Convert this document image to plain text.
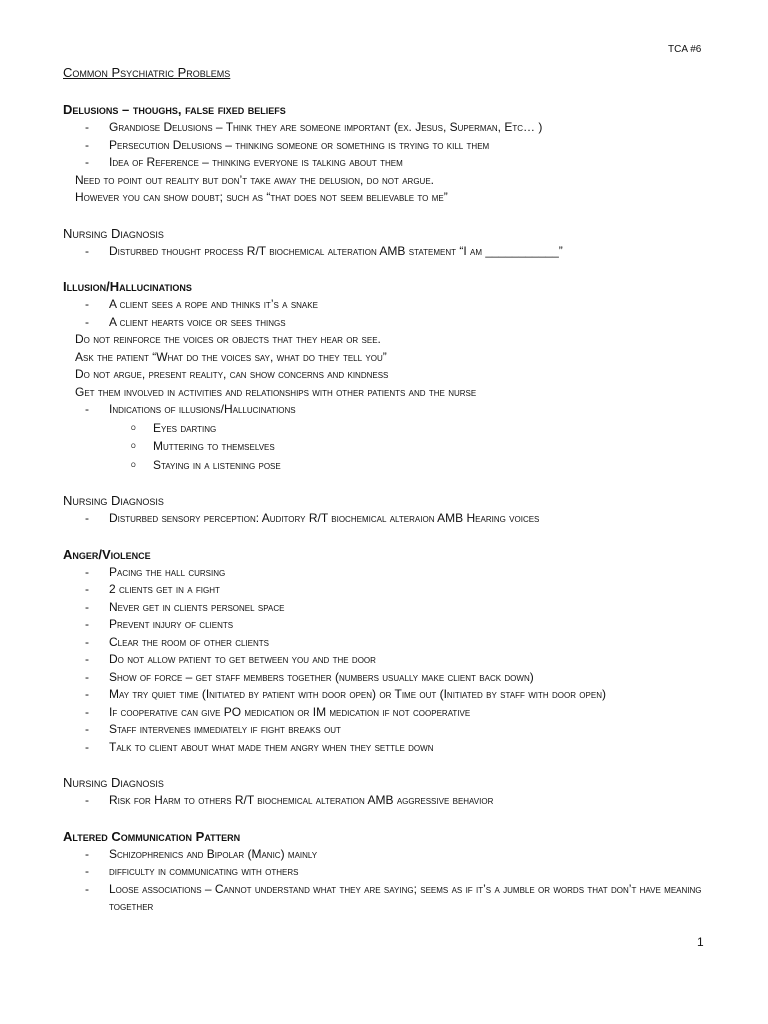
TCA #6

Common Psychiatric Problems

Delusions – thoughs, false fixed beliefs

- Grandiose Delusions – Think they are someone important (ex. Jesus, Superman, Etc… )
- Persecution Delusions – thinking someone or something is trying to kill them
- Idea of Reference – thinking everyone is talking about them

Need to point out reality but don’t take away the delusion, do not argue.

However you can show doubt; such as “that does not seem believable to me”

Nursing Diagnosis

- Disturbed thought process R/T biochemical alteration AMB statement “I am ___________”

Illusion/Hallucinations

- A client sees a rope and thinks it’s a snake
- A client hearts voice or sees things

Do not reinforce the voices or objects that they hear or see.

Ask the patient “What do the voices say, what do they tell you”

Do not argue, present reality, can show concerns and kindness

Get them involved in activities and relationships with other patients and the nurse

- Indications of illusions/Hallucinations
o Eyes darting
o Muttering to themselves
o Staying in a listening pose

Nursing Diagnosis

- Disturbed sensory perception: Auditory R/T biochemical alteraion AMB Hearing voices

Anger/Violence

- Pacing the hall cursing
- 2 clients get in a fight
- Never get in clients personel space
- Prevent injury of clients
- Clear the room of other clients
- Do not allow patient to get between you and the door
- Show of force – get staff members together (numbers usually make client back down)
- May try quiet time (Initiated by patient with door open) or Time out (Initiated by staff with door open)
- If cooperative can give PO medication or IM medication if not cooperative
- Staff intervenes immediately if fight breaks out
- Talk to client about what made them angry when they settle down

Nursing Diagnosis

- Risk for Harm to others R/T biochemical alteration AMB aggressive behavior

Altered Communication Pattern

- Schizophrenics and Bipolar (Manic) mainly
- difficulty in communicating with others
- Loose associations – Cannot understand what they are saying; seems as if it’s a jumble or words that don’t have meaning together
1
